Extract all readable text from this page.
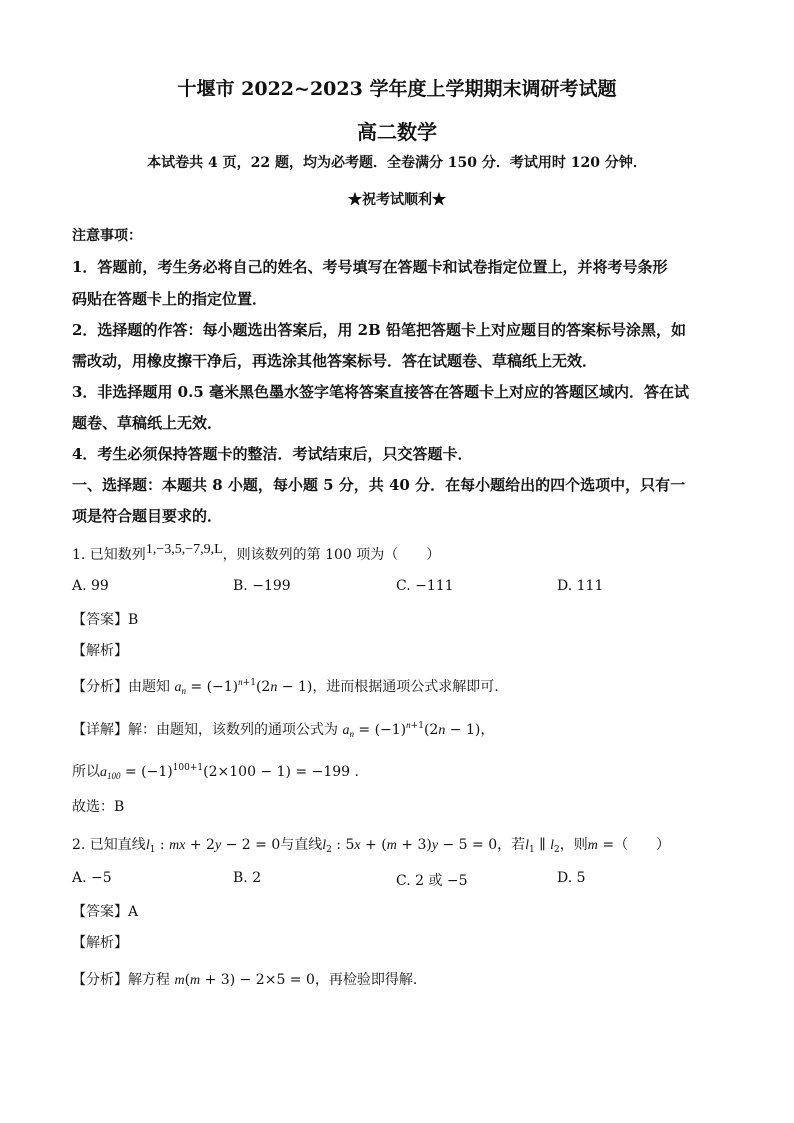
十堰市 2022~2023 学年度上学期期末调研考试题
高二数学
本试卷共 4 页，22 题，均为必考题．全卷满分 150 分．考试用时 120 分钟．
★祝考试顺利★
注意事项：
1．答题前，考生务必将自己的姓名、考号填写在答题卡和试卷指定位置上，并将考号条形
码贴在答题卡上的指定位置．
2．选择题的作答：每小题选出答案后，用 2B 铅笔把答题卡上对应题目的答案标号涂黑，如
需改动，用橡皮擦干净后，再选涂其他答案标号．答在试题卷、草稿纸上无效．
3．非选择题用 0.5 毫米黑色墨水签字笔将答案直接答在答题卡上对应的答题区域内．答在试
题卷、草稿纸上无效．
4．考生必须保持答题卡的整洁．考试结束后，只交答题卡．
一、选择题：本题共 8 小题，每小题 5 分，共 40 分．在每小题给出的四个选项中，只有一
项是符合题目要求的．
1. 已知数列1,−3,5,−7,9,L，则该数列的第 100 项为（　　）
A. 99	B. −199	C. −111	D. 111
【答案】B
【解析】
【分析】由题知 $a_n = (-1)^{n+1}(2n - 1)$，进而根据通项公式求解即可.
【详解】解：由题知，该数列的通项公式为 $a_n = (-1)^{n+1}(2n - 1)$，
所以$a_{100} = (-1)^{100+1}(2\times 100 - 1) = -199$ .
故选：B
2. 已知直线$l_1$ : mx + 2y − 2 = 0与直线$l_2$ : 5x + (m + 3)y − 5 = 0，若$l_1$ ∥ $l_2$，则m =（　　）
A. −5	B. 2	C. 2 或 −5	D. 5
【答案】A
【解析】
【分析】解方程 m(m + 3) − 2×5 = 0，再检验即得解.
